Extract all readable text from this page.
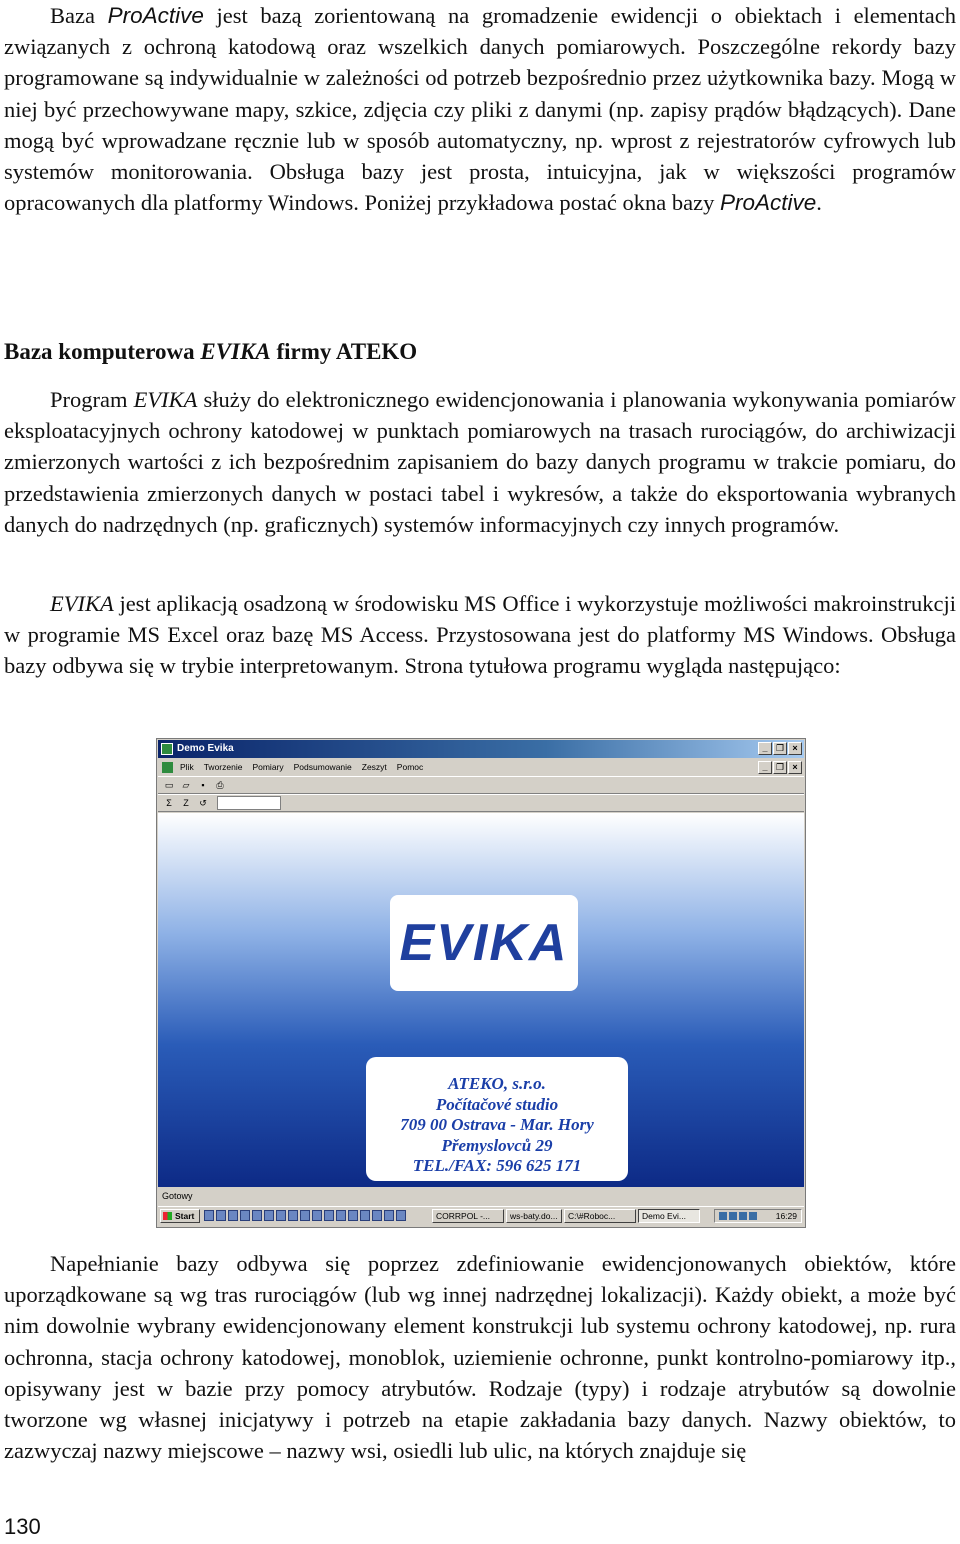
Baza ProActive jest bazą zorientowaną na gromadzenie ewidencji o obiektach i elementach związanych z ochroną katodową oraz wszelkich danych pomiarowych. Poszczególne rekordy bazy programowane są indywidualnie w zależności od potrzeb bezpośrednio przez użytkownika bazy. Mogą w niej być przechowywane mapy, szkice, zdjęcia czy pliki z danymi (np. zapisy prądów błądzących). Dane mogą być wprowadzane ręcznie lub w sposób automatyczny, np. wprost z rejestratorów cyfrowych lub systemów monitorowania. Obsługa bazy jest prosta, intuicyjna, jak w większości programów opracowanych dla platformy Windows. Poniżej przykładowa postać okna bazy ProActive.

Baza komputerowa EVIKA firmy ATEKO

Program EVIKA służy do elektronicznego ewidencjonowania i planowania wykonywania pomiarów eksploatacyjnych ochrony katodowej w punktach pomiarowych na trasach rurociągów, do archiwizacji zmierzonych wartości z ich bezpośrednim zapisaniem do bazy danych programu w trakcie pomiaru, do przedstawienia zmierzonych danych w postaci tabel i wykresów, a także do eksportowania wybranych danych do nadrzędnych (np. graficznych) systemów informacyjnych czy innych programów.

EVIKA jest aplikacją osadzoną w środowisku MS Office i wykorzystuje możliwości makroinstrukcji w programie MS Excel oraz bazę MS Access. Przystosowana jest do platformy MS Windows. Obsługa bazy odbywa się w trybie interpretowanym. Strona tytułowa programu wygląda następująco:

Demo Evika	_ ❐ ×
Plik Tworzenie Pomiary Podsumowanie Zeszyt Pomoc	_ ❐ ×
▭	▱	▪	⎙
Σ	Z	↺
EVIKA
ATEKO, s.r.o.
Počítačové studio
709 00 Ostrava - Mar. Hory
Přemyslovců 29
TEL./FAX: 596 625 171
Gotowy
Start	CORRPOL -...	ws-baty.do...	C:\#Roboc...	Demo Evi...	16:29

Napełnianie bazy odbywa się poprzez zdefiniowanie ewidencjonowanych obiektów, które uporządkowane są wg tras rurociągów (lub wg innej nadrzędnej lokalizacji). Każdy obiekt, a może być nim dowolnie wybrany ewidencjonowany element konstrukcji lub systemu ochrony katodowej, np. rura ochronna, stacja ochrony katodowej, monoblok, uziemienie ochronne, punkt kontrolno-pomiarowy itp., opisywany jest w bazie przy pomocy atrybutów. Rodzaje (typy) i rodzaje atrybutów są dowolnie tworzone wg własnej inicjatywy i potrzeb na etapie zakładania bazy danych. Nazwy obiektów, to zazwyczaj nazwy miejscowe – nazwy wsi, osiedli lub ulic, na których znajduje się

130
